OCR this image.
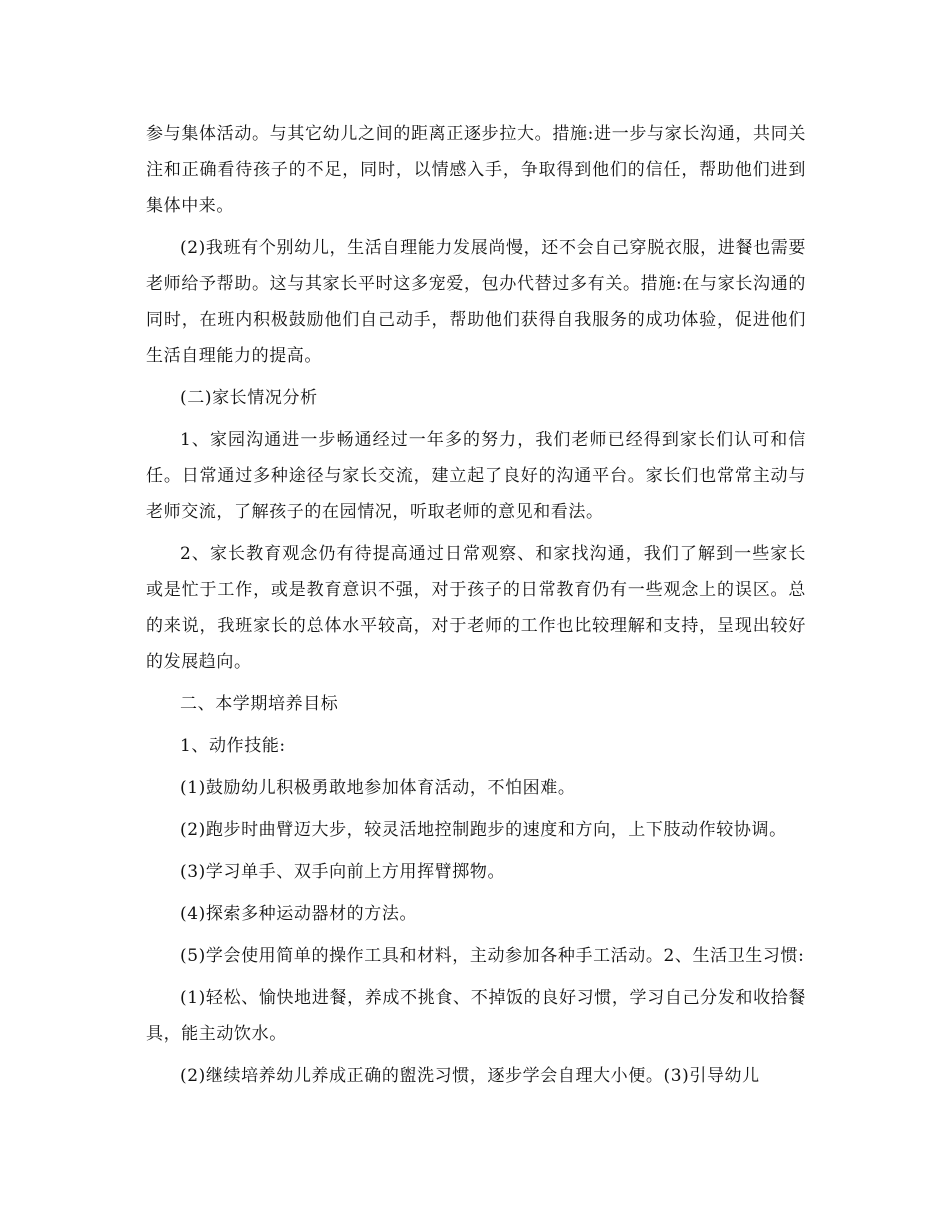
参与集体活动。与其它幼儿之间的距离正逐步拉大。措施:进一步与家长沟通，共同关注和正确看待孩子的不足，同时，以情感入手，争取得到他们的信任，帮助他们进到集体中来。

(2)我班有个别幼儿，生活自理能力发展尚慢，还不会自己穿脱衣服，进餐也需要老师给予帮助。这与其家长平时这多宠爱，包办代替过多有关。措施:在与家长沟通的同时，在班内积极鼓励他们自己动手，帮助他们获得自我服务的成功体验，促进他们生活自理能力的提高。

(二)家长情况分析

1、家园沟通进一步畅通经过一年多的努力，我们老师已经得到家长们认可和信任。日常通过多种途径与家长交流，建立起了良好的沟通平台。家长们也常常主动与老师交流，了解孩子的在园情况，听取老师的意见和看法。

2、家长教育观念仍有待提高通过日常观察、和家找沟通，我们了解到一些家长或是忙于工作，或是教育意识不强，对于孩子的日常教育仍有一些观念上的误区。总的来说，我班家长的总体水平较高，对于老师的工作也比较理解和支持，呈现出较好的发展趋向。

二、本学期培养目标

1、动作技能:

(1)鼓励幼儿积极勇敢地参加体育活动，不怕困难。

(2)跑步时曲臂迈大步，较灵活地控制跑步的速度和方向，上下肢动作较协调。

(3)学习单手、双手向前上方用挥臂掷物。

(4)探索多种运动器材的方法。

(5)学会使用简单的操作工具和材料，主动参加各种手工活动。2、生活卫生习惯:

(1)轻松、愉快地进餐，养成不挑食、不掉饭的良好习惯，学习自己分发和收拾餐具，能主动饮水。

(2)继续培养幼儿养成正确的盥洗习惯，逐步学会自理大小便。(3)引导幼儿
